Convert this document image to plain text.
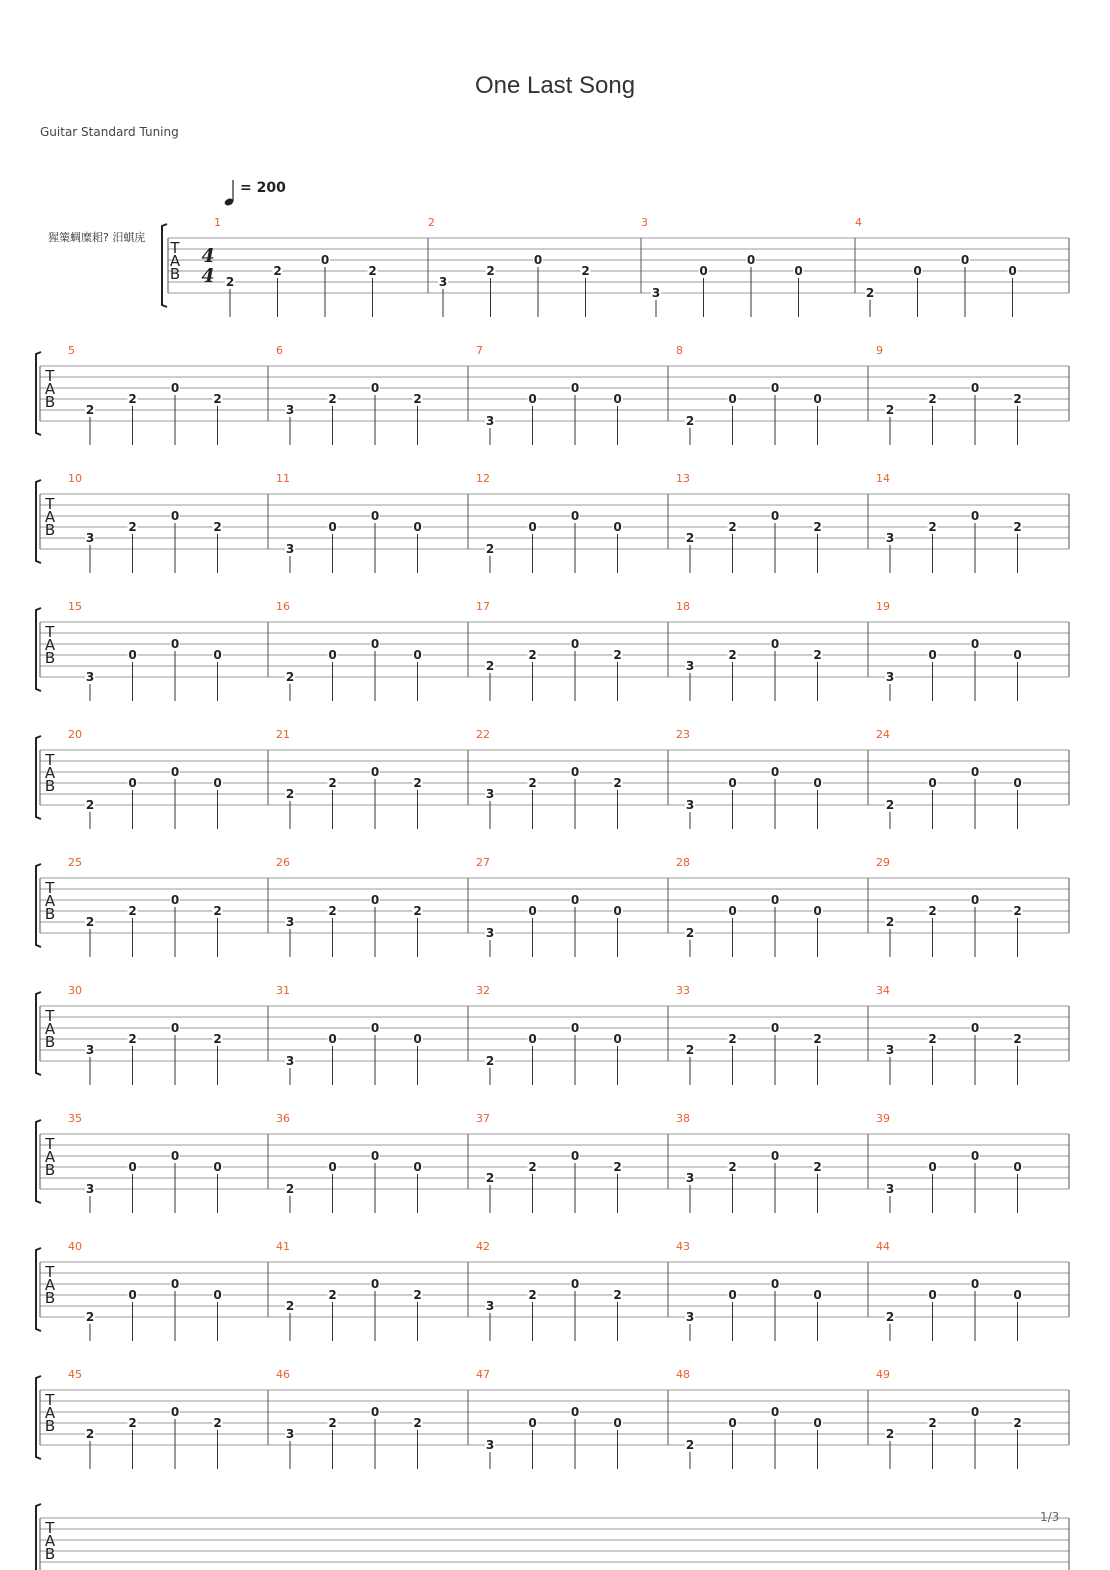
One Last Song
Guitar Standard Tuning
= 200
猩篥蜩糜耜? 汨蜞庑
T
A
B
4
4
1
2
2
0
2
2
3
2
0
2
3
3
0
0
0
4
2
0
0
0
T
A
B
5
2
2
0
2
6
3
2
0
2
7
3
0
0
0
8
2
0
0
0
9
2
2
0
2
T
A
B
10
3
2
0
2
11
3
0
0
0
12
2
0
0
0
13
2
2
0
2
14
3
2
0
2
T
A
B
15
3
0
0
0
16
2
0
0
0
17
2
2
0
2
18
3
2
0
2
19
3
0
0
0
T
A
B
20
2
0
0
0
21
2
2
0
2
22
3
2
0
2
23
3
0
0
0
24
2
0
0
0
T
A
B
25
2
2
0
2
26
3
2
0
2
27
3
0
0
0
28
2
0
0
0
29
2
2
0
2
T
A
B
30
3
2
0
2
31
3
0
0
0
32
2
0
0
0
33
2
2
0
2
34
3
2
0
2
T
A
B
35
3
0
0
0
36
2
0
0
0
37
2
2
0
2
38
3
2
0
2
39
3
0
0
0
T
A
B
40
2
0
0
0
41
2
2
0
2
42
3
2
0
2
43
3
0
0
0
44
2
0
0
0
T
A
B
45
2
2
0
2
46
3
2
0
2
47
3
0
0
0
48
2
0
0
0
49
2
2
0
2
T
A
B
1/3
